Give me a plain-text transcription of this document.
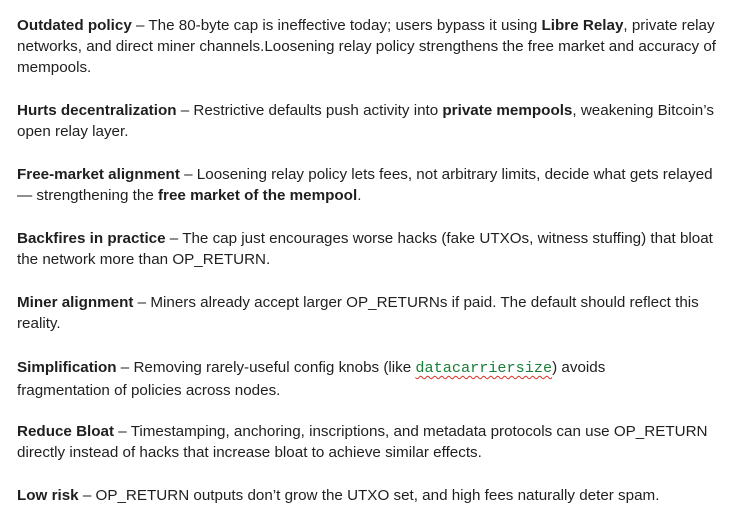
Outdated policy – The 80-byte cap is ineffective today; users bypass it using Libre Relay, private relay networks, and direct miner channels.Loosening relay policy strengthens the free market and accuracy of mempools.

Hurts decentralization – Restrictive defaults push activity into private mempools, weakening Bitcoin’s open relay layer.

Free-market alignment – Loosening relay policy lets fees, not arbitrary limits, decide what gets relayed — strengthening the free market of the mempool.

Backfires in practice – The cap just encourages worse hacks (fake UTXOs, witness stuffing) that bloat the network more than OP_RETURN.

Miner alignment – Miners already accept larger OP_RETURNs if paid. The default should reflect this reality.

Simplification – Removing rarely-useful config knobs (like datacarriersize) avoids
fragmentation of policies across nodes.

Reduce Bloat – Timestamping, anchoring, inscriptions, and metadata protocols can use OP_RETURN directly instead of hacks that increase bloat to achieve similar effects.

Low risk – OP_RETURN outputs don’t grow the UTXO set, and high fees naturally deter spam.
